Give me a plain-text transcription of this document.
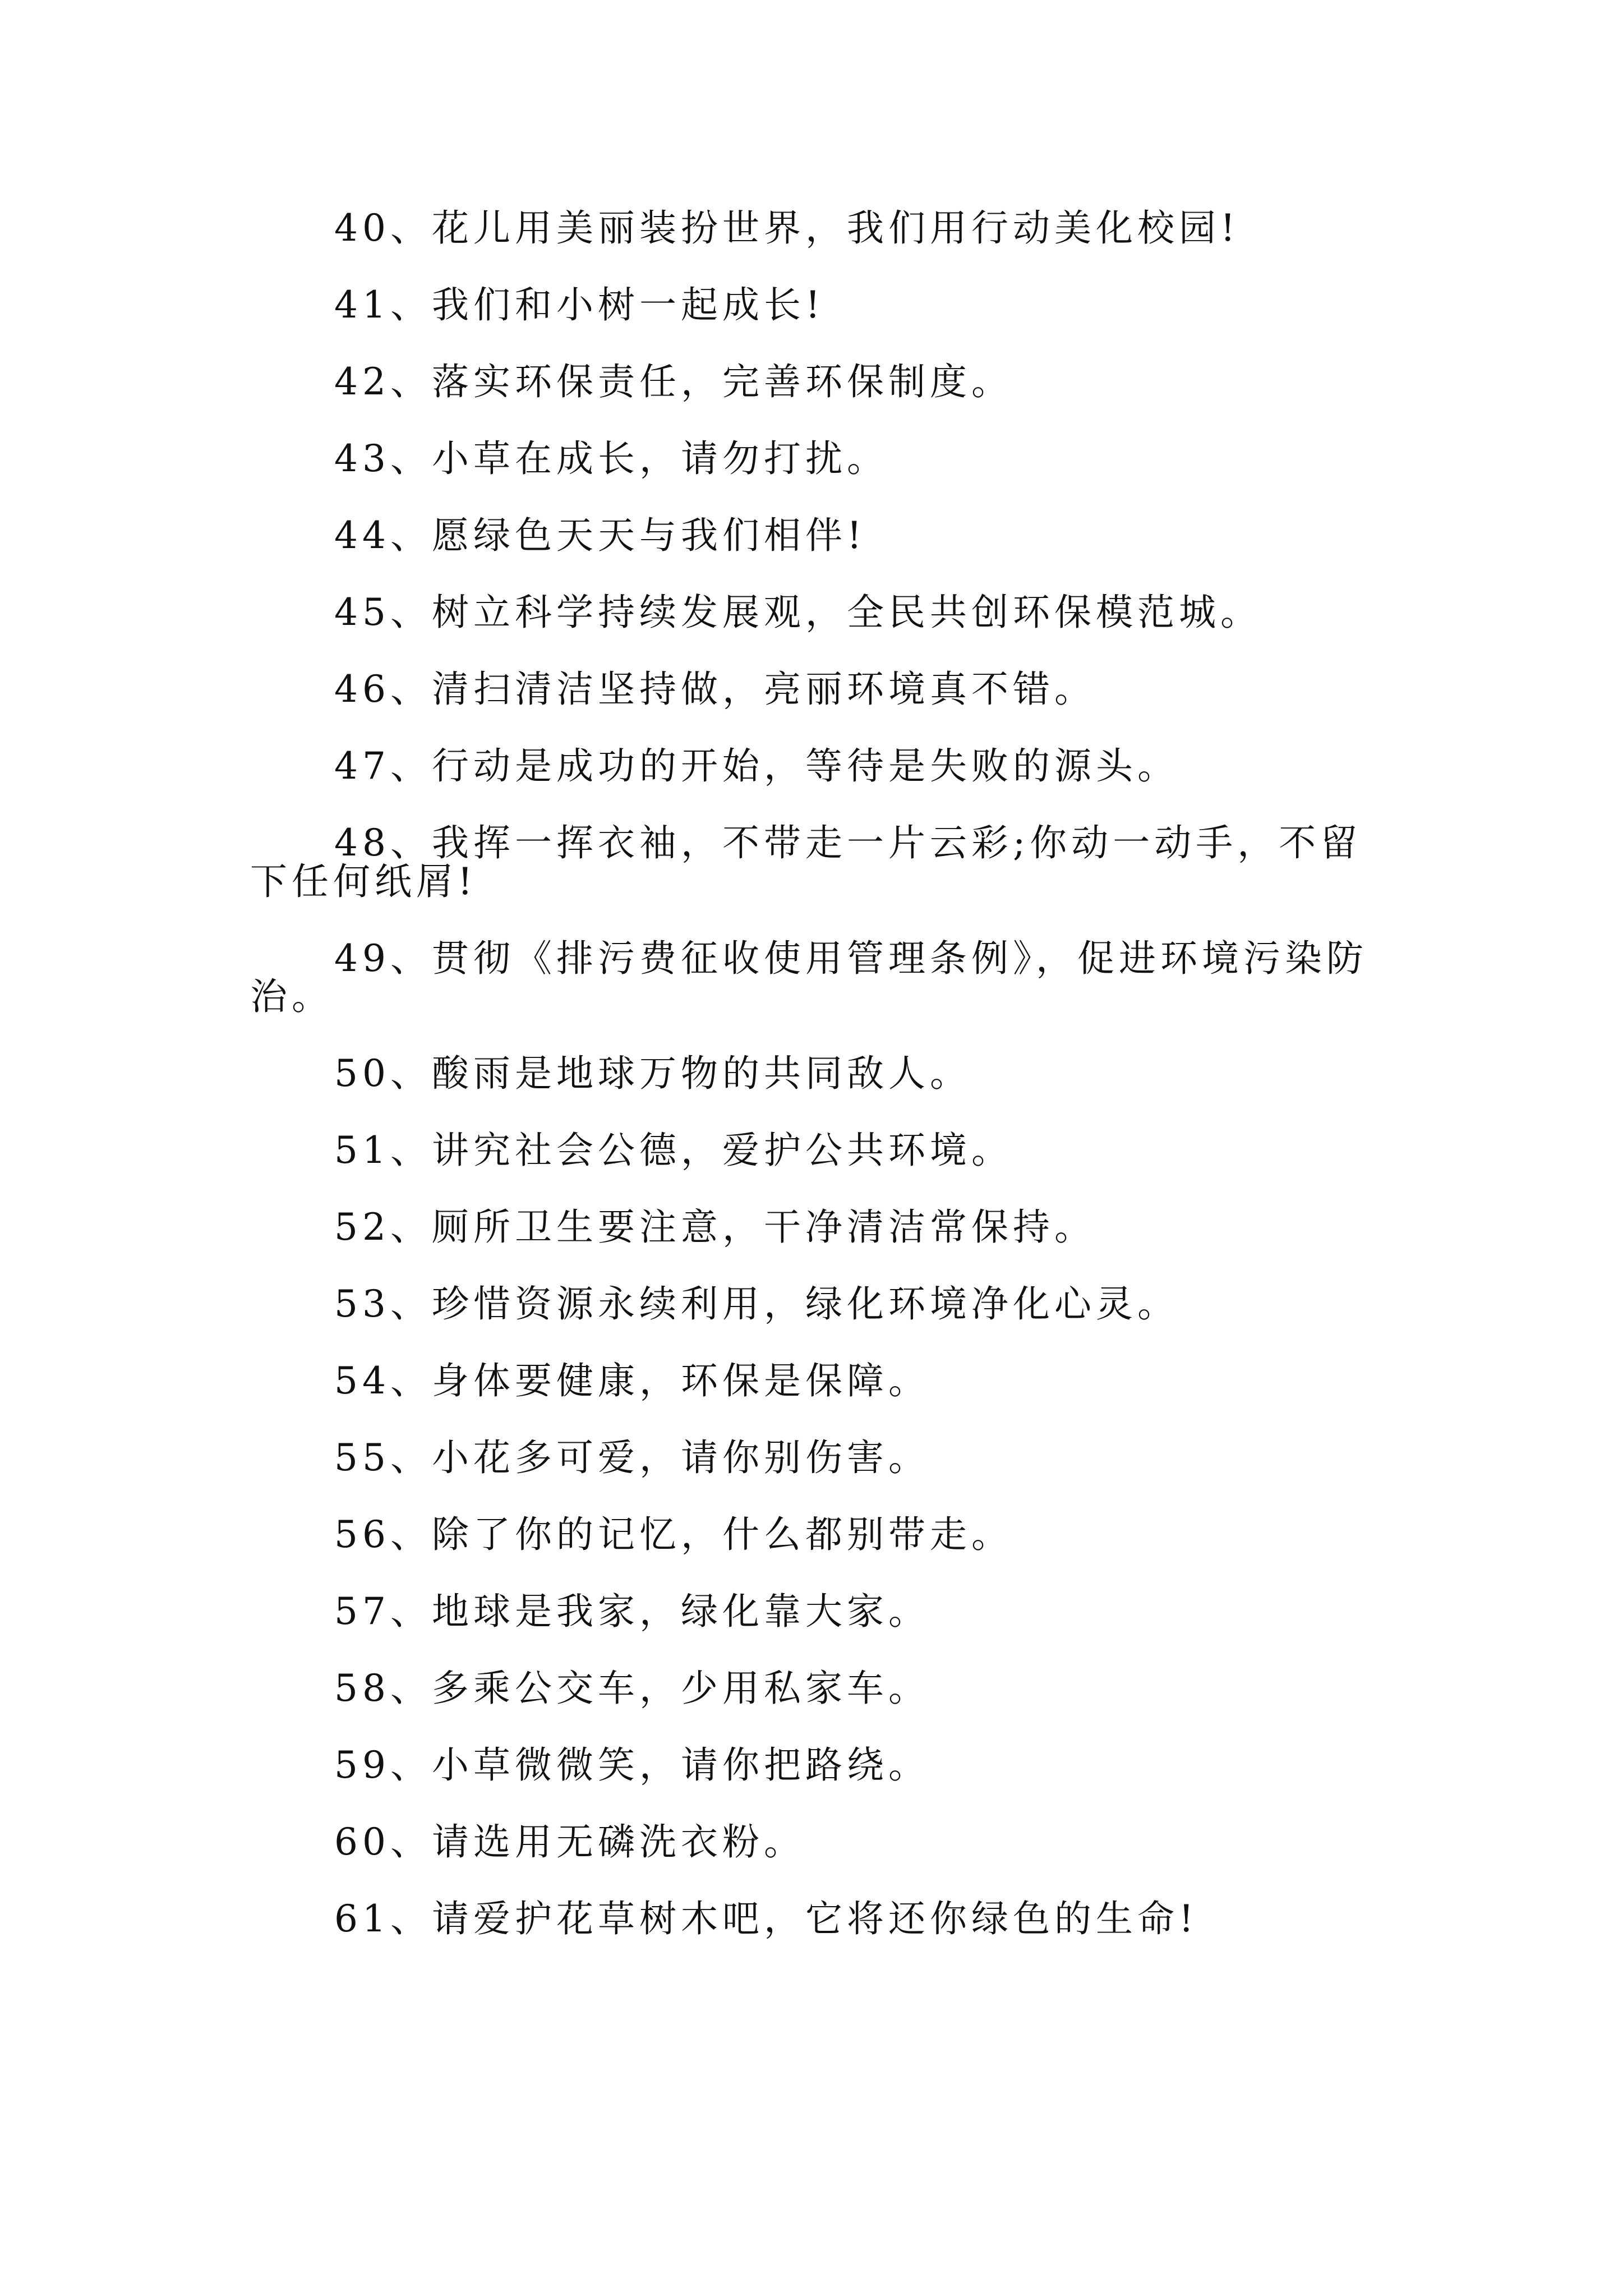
40、花儿用美丽装扮世界，我们用行动美化校园!

41、我们和小树一起成长!

42、落实环保责任，完善环保制度。

43、小草在成长，请勿打扰。

44、愿绿色天天与我们相伴!

45、树立科学持续发展观，全民共创环保模范城。

46、清扫清洁坚持做，亮丽环境真不错。

47、行动是成功的开始，等待是失败的源头。

48、我挥一挥衣袖，不带走一片云彩;你动一动手，不留下任何纸屑!

49、贯彻《排污费征收使用管理条例》，促进环境污染防治。

50、酸雨是地球万物的共同敌人。

51、讲究社会公德，爱护公共环境。

52、厕所卫生要注意，干净清洁常保持。

53、珍惜资源永续利用，绿化环境净化心灵。

54、身体要健康，环保是保障。

55、小花多可爱，请你别伤害。

56、除了你的记忆，什么都别带走。

57、地球是我家，绿化靠大家。

58、多乘公交车，少用私家车。

59、小草微微笑，请你把路绕。

60、请选用无磷洗衣粉。

61、请爱护花草树木吧，它将还你绿色的生命!
